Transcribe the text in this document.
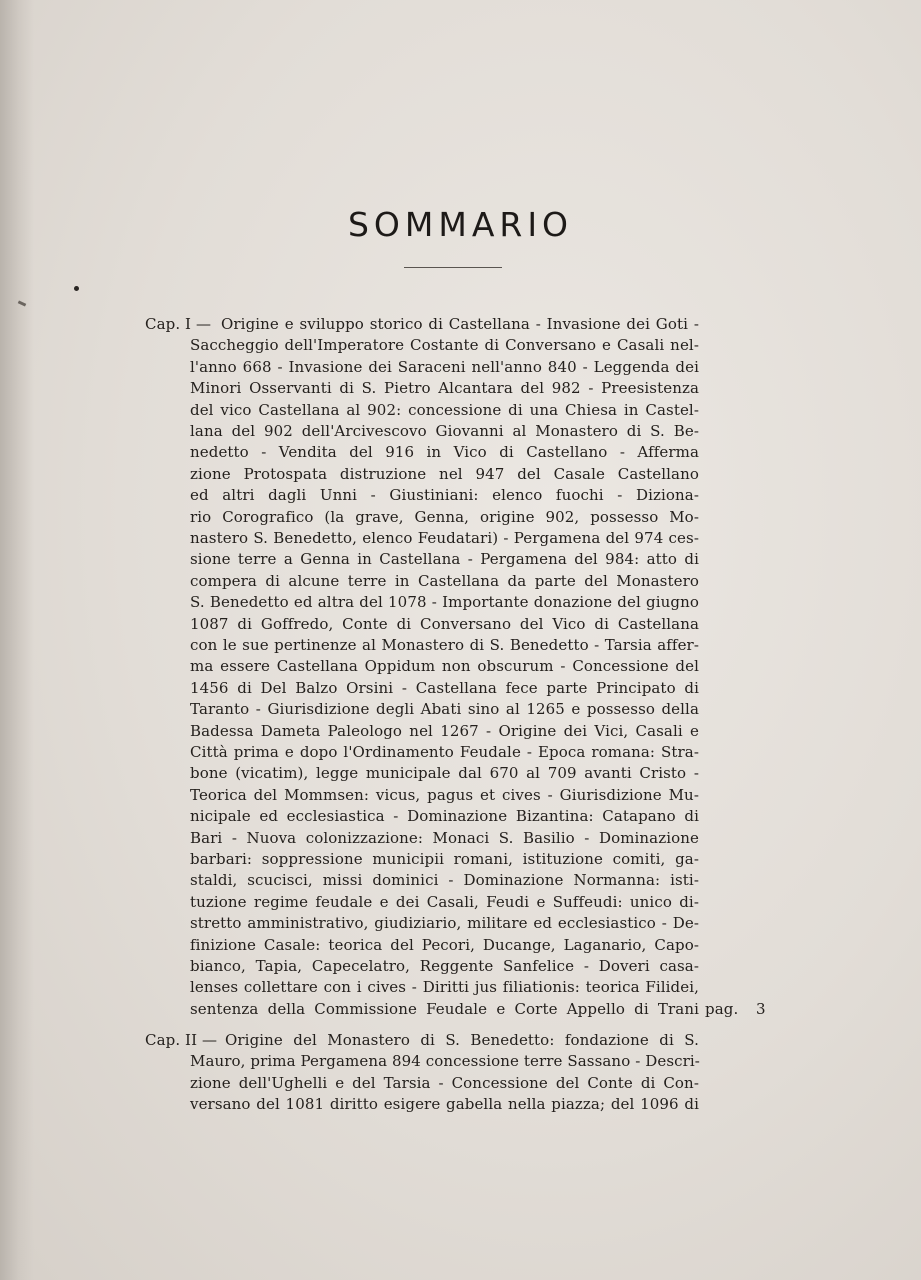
SOMMARIO
Cap. I — Origine e sviluppo storico di Castellana - Invasione dei Goti -
Saccheggio dell'Imperatore Costante di Conversano e Casali nel-
l'anno 668 - Invasione dei Saraceni nell'anno 840 - Leggenda dei
Minori Osservanti di S. Pietro Alcantara del 982 - Preesistenza
del vico Castellana al 902: concessione di una Chiesa in Castel-
lana del 902 dell'Arcivescovo Giovanni al Monastero di S. Be-
nedetto - Vendita del 916 in Vico di Castellano - Afferma
zione Protospata distruzione nel 947 del Casale Castellano
ed altri dagli Unni - Giustiniani: elenco fuochi - Diziona-
rio Corografico (la grave, Genna, origine 902, possesso Mo-
nastero S. Benedetto, elenco Feudatari) - Pergamena del 974 ces-
sione terre a Genna in Castellana - Pergamena del 984: atto di
compera di alcune terre in Castellana da parte del Monastero
S. Benedetto ed altra del 1078 - Importante donazione del giugno
1087 di Goffredo, Conte di Conversano del Vico di Castellana
con le sue pertinenze al Monastero di S. Benedetto - Tarsia affer-
ma essere Castellana Oppidum non obscurum - Concessione del
1456 di Del Balzo Orsini - Castellana fece parte Principato di
Taranto - Giurisdizione degli Abati sino al 1265 e possesso della
Badessa Dameta Paleologo nel 1267 - Origine dei Vici, Casali e
Città prima e dopo l'Ordinamento Feudale - Epoca romana: Stra-
bone (vicatim), legge municipale dal 670 al 709 avanti Cristo -
Teorica del Mommsen: vicus, pagus et cives - Giurisdizione Mu-
nicipale ed ecclesiastica - Dominazione Bizantina: Catapano di
Bari - Nuova colonizzazione: Monaci S. Basilio - Dominazione
barbari: soppressione municipii romani, istituzione comiti, ga-
staldi, scucisci, missi dominici - Dominazione Normanna: isti-
tuzione regime feudale e dei Casali, Feudi e Suffeudi: unico di-
stretto amministrativo, giudiziario, militare ed ecclesiastico - De-
finizione Casale: teorica del Pecori, Ducange, Laganario, Capo-
bianco, Tapia, Capecelatro, Reggente Sanfelice - Doveri casa-
lenses collettare con i cives - Diritti jus filiationis: teorica Filidei,
sentenza della Commissione Feudale e Corte Appello di Trani pag. 3
Cap. II — Origine del Monastero di S. Benedetto: fondazione di S.
Mauro, prima Pergamena 894 concessione terre Sassano - Descri-
zione dell'Ughelli e del Tarsia - Concessione del Conte di Con-
versano del 1081 diritto esigere gabella nella piazza; del 1096 di
